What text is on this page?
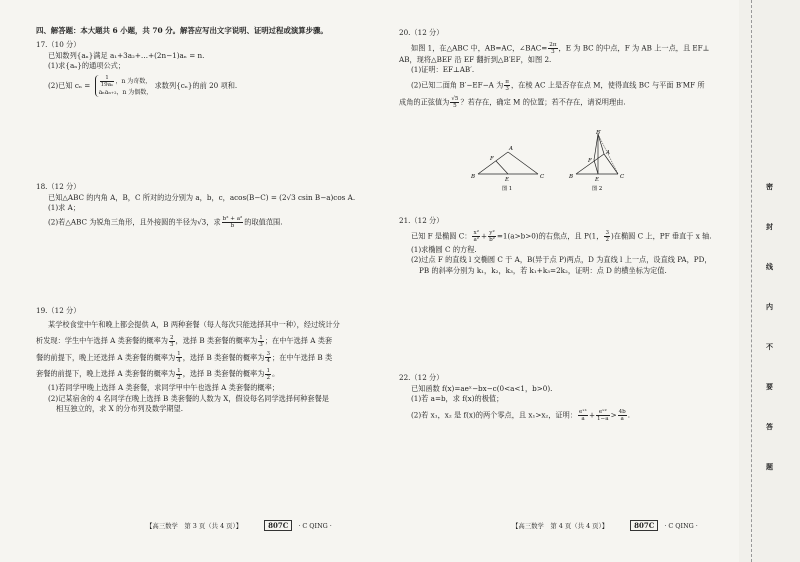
四、解答题：本大题共 6 小题，共 70 分。解答应写出文字说明、证明过程或演算步骤。
17.（10 分）
已知数列{aₙ}满足 a₁+3a₂+…+(2n−1)aₙ = n.
(1)求{aₙ}的通项公式；
(2)已知 $c_n = \frac{1}{\text{19aₙ}}$ ，n 为奇数，
aₙaₙ₊₂，n 为偶数，
求数列{cₙ}的前 20 项和.
18.（12 分）
已知△ABC 的内角 A，B，C 所对的边分别为 a，b，c，acos(B−C) = (2√3 csin B−a)cos A.
(1)求 A；
(2)若△ABC 为锐角三角形，且外接圆的半径为√3，求 $\frac{\text{b² + a²}}{b}$ 的取值范围.
19.（12 分）
某学校食堂中午和晚上都会提供 A，B 两种套餐（每人每次只能选择其中一种），经过统计分
析发现：学生中午选择 A 类套餐的概率为 $\frac{2}{3}$ ，选择 B 类套餐的概率为 $\frac{1}{3}$ ；在中午选择 A 类套
餐的前提下，晚上还选择 A 类套餐的概率为 $\frac{1}{4}$ ，选择 B 类套餐的概率为 $\frac{3}{4}$ ；在中午选择 B 类
套餐的前提下，晚上选择 A 类套餐的概率为 $\frac{1}{2}$ ，选择 B 类套餐的概率为 $\frac{1}{2}$ 。
(1)若同学甲晚上选择 A 类套餐，求同学甲中午也选择 A 类套餐的概率；
(2)记某宿舍的 4 名同学在晚上选择 B 类套餐的人数为 X，假设每名同学选择何种套餐是
相互独立的，求 X 的分布列及数学期望.
【高三数学　第 3 页（共 4 页）】	807C · C QING ·
20.（12 分）
如图 1，在△ABC 中，AB=AC，∠BAC= $\frac{2\pi}{3}$ ，E 为 BC 的中点，F 为 AB 上一点，且 EF⊥
AB，现将△BEF 沿 EF 翻折到△B′EF，如图 2.
(1)证明：EF⊥AB′.
(2)已知二面角 B′−EF−A 为 $\frac{\pi}{3}$ ，在棱 AC 上是否存在点 M，使得直线 BC 与平面 B′MF 所
成角的正弦值为 $\frac{√5}{5}$ ？若存在，确定 M 的位置；若不存在，请说明理由.
21.（12 分）
已知 F 是椭圆 C： $\frac{\text{x²}}{\text{a²}} + \frac{\text{y²}}{\text{b²}} =1(a>b>0)$的右焦点，且 P(1， $\frac{3}{2}$ )在椭圆 C 上，PF 垂直于 x 轴.
(1)求椭圆 C 的方程.
(2)过点 F 的直线 l 交椭圆 C 于 A，B(异于点 P)两点，D 为直线 l 上一点，设直线 PA，PD，
PB 的斜率分别为 k₁，k₂，k₃，若 k₁+k₃=2k₂，证明：点 D 的横坐标为定值.
22.（12 分）
已知函数 f(x)=aeˣ−bx−c(0<a<1，b>0).
(1)若 a=b，求 f(x)的极值；
(2)若 x₁，x₂ 是 f(x)的两个零点，且 x₁>x₂，证明： $\frac{\text{eˣ¹}}{a} + \frac{\text{eˣ²}}{1-a} > \frac{4b}{a}$ .
B	C
A
E
F
图 1
B	C
A
E
F
B′
图 2
【高三数学　第 4 页（共 4 页）】	807C · C QING ·
密
封
线
内
不
要
答
题
